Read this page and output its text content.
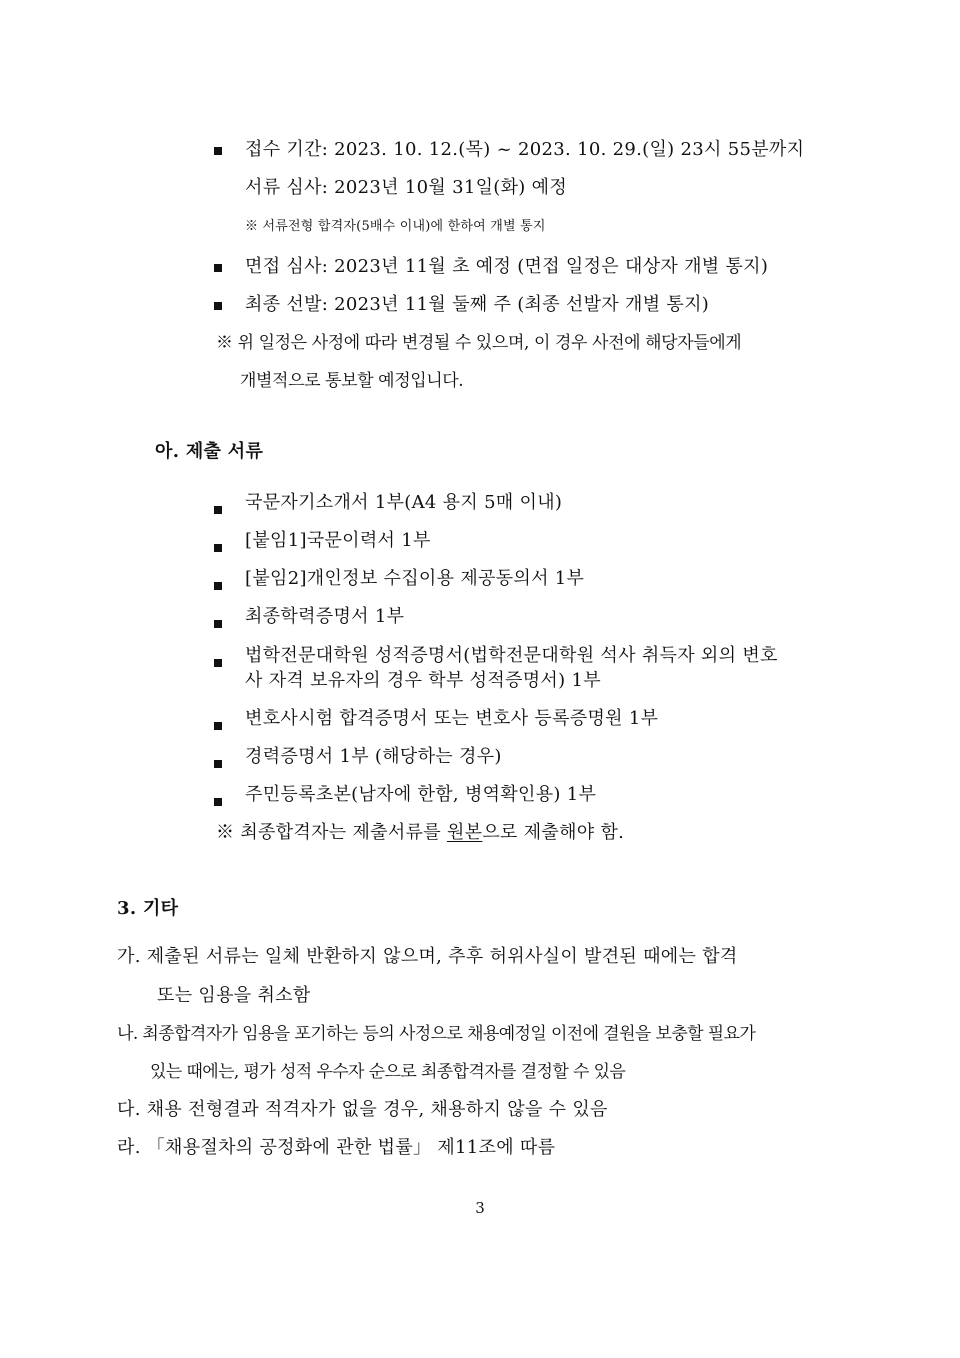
접수 기간: 2023. 10. 12.(목) ~ 2023. 10. 29.(일) 23시 55분까지
서류 심사: 2023년 10월 31일(화) 예정
※ 서류전형 합격자(5배수 이내)에 한하여 개별 통지
면접 심사: 2023년 11월 초 예정 (면접 일정은 대상자 개별 통지)
최종 선발: 2023년 11월 둘째 주 (최종 선발자 개별 통지)
※ 위 일정은 사정에 따라 변경될 수 있으며, 이 경우 사전에 해당자들에게
개별적으로 통보할 예정입니다.
아. 제출 서류
국문자기소개서 1부(A4 용지 5매 이내)
[붙임1]국문이력서 1부
[붙임2]개인정보 수집이용 제공동의서 1부
최종학력증명서 1부
법학전문대학원 성적증명서(법학전문대학원 석사 취득자 외의 변호
사 자격 보유자의 경우 학부 성적증명서) 1부
변호사시험 합격증명서 또는 변호사 등록증명원 1부
경력증명서 1부 (해당하는 경우)
주민등록초본(남자에 한함, 병역확인용) 1부
※ 최종합격자는 제출서류를 원본으로 제출해야 함.
3. 기타
가. 제출된 서류는 일체 반환하지 않으며, 추후 허위사실이 발견된 때에는 합격
또는 임용을 취소함
나. 최종합격자가 임용을 포기하는 등의 사정으로 채용예정일 이전에 결원을 보충할 필요가
있는 때에는, 평가 성적 우수자 순으로 최종합격자를 결정할 수 있음
다. 채용 전형결과 적격자가 없을 경우, 채용하지 않을 수 있음
라. 「채용절차의 공정화에 관한 법률」 제11조에 따름
3
